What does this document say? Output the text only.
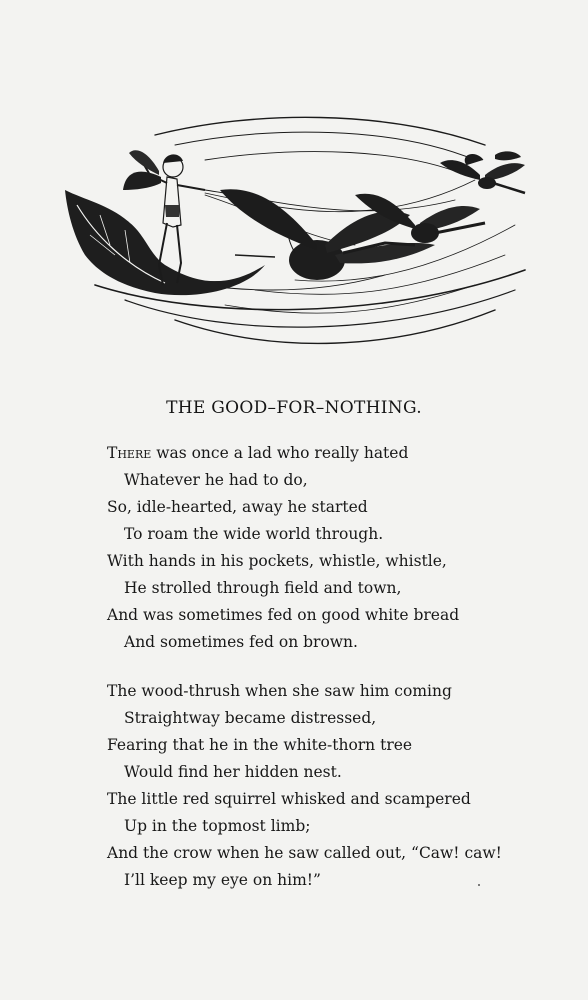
THE GOOD–FOR–NOTHING.
There was once a lad who really hated
Whatever he had to do,
So, idle-hearted, away he started
To roam the wide world through.
With hands in his pockets, whistle, whistle,
He strolled through field and town,
And was sometimes fed on good white bread
And sometimes fed on brown.
The wood-thrush when she saw him coming
Straightway became distressed,
Fearing that he in the white-thorn tree
Would find her hidden nest.
The little red squirrel whisked and scampered
Up in the topmost limb;
And the crow when he saw called out, “Caw! caw!
I’ll keep my eye on him!”
